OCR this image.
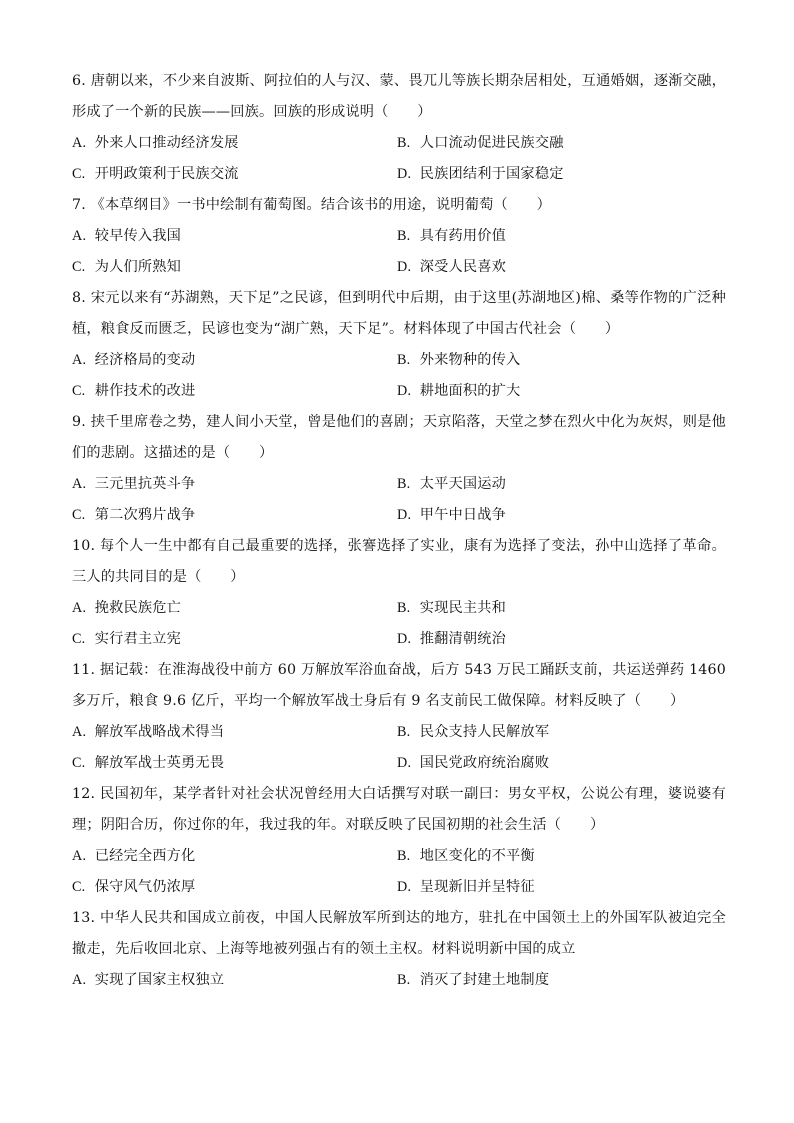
6. 唐朝以来，不少来自波斯、阿拉伯的人与汉、蒙、畏兀儿等族长期杂居相处，互通婚姻，逐渐交融，形成了一个新的民族——回族。回族的形成说明（　　）

A. 外来人口推动经济发展	B. 人口流动促进民族交融
C. 开明政策利于民族交流	D. 民族团结利于国家稳定

7. 《本草纲目》一书中绘制有葡萄图。结合该书的用途，说明葡萄（　　）

A. 较早传入我国	B. 具有药用价值
C. 为人们所熟知	D. 深受人民喜欢

8. 宋元以来有“苏湖熟，天下足”之民谚，但到明代中后期，由于这里(苏湖地区)棉、桑等作物的广泛种植，粮食反而匮乏，民谚也变为“湖广熟，天下足”。材料体现了中国古代社会（　　）

A. 经济格局的变动	B. 外来物种的传入
C. 耕作技术的改进	D. 耕地面积的扩大

9. 挟千里席卷之势，建人间小天堂，曾是他们的喜剧；天京陷落，天堂之梦在烈火中化为灰烬，则是他们的悲剧。这描述的是（　　）

A. 三元里抗英斗争	B. 太平天国运动
C. 第二次鸦片战争	D. 甲午中日战争

10. 每个人一生中都有自己最重要的选择，张謇选择了实业，康有为选择了变法，孙中山选择了革命。三人的共同目的是（　　）

A. 挽救民族危亡	B. 实现民主共和
C. 实行君主立宪	D. 推翻清朝统治

11. 据记载：在淮海战役中前方 60 万解放军浴血奋战，后方 543 万民工踊跃支前，共运送弹药 1460 多万斤，粮食 9.6 亿斤，平均一个解放军战士身后有 9 名支前民工做保障。材料反映了（　　）

A. 解放军战略战术得当	B. 民众支持人民解放军
C. 解放军战士英勇无畏	D. 国民党政府统治腐败

12. 民国初年，某学者针对社会状况曾经用大白话撰写对联一副曰：男女平权，公说公有理，婆说婆有理；阴阳合历，你过你的年，我过我的年。对联反映了民国初期的社会生活（　　）

A. 已经完全西方化	B. 地区变化的不平衡
C. 保守风气仍浓厚	D. 呈现新旧并呈特征

13. 中华人民共和国成立前夜，中国人民解放军所到达的地方，驻扎在中国领土上的外国军队被迫完全撤走，先后收回北京、上海等地被列强占有的领土主权。材料说明新中国的成立

A. 实现了国家主权独立	B. 消灭了封建土地制度
